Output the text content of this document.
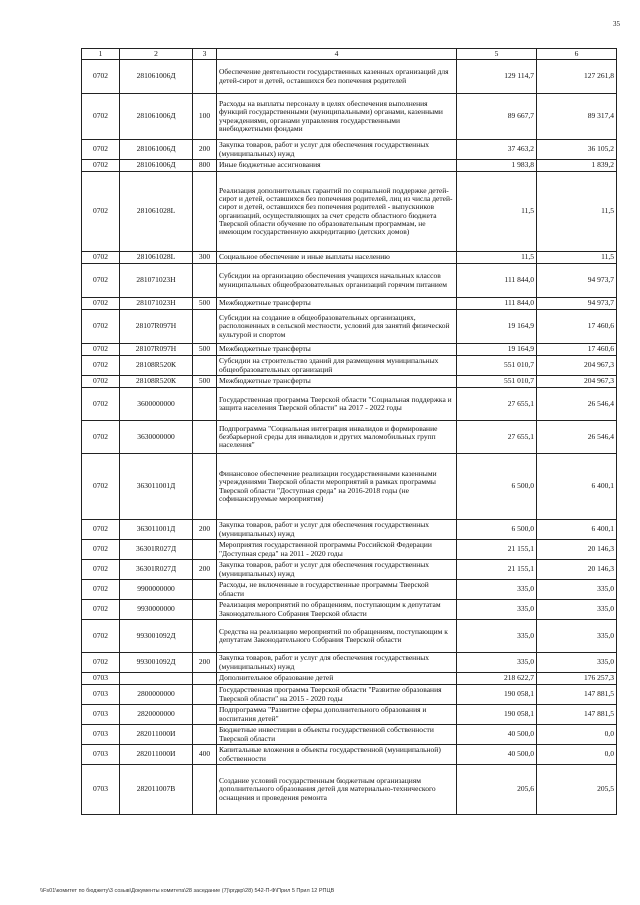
35
1	2	3	4	5	6
0702	281061006Д		Обеспечение деятельности государственных казенных организаций для детей-сирот и детей, оставшихся без попечения родителей	129 114,7	127 261,8
0702	281061006Д	100	Расходы на выплаты персоналу в целях обеспечения выполнения функций государственными (муниципальными) органами, казенными учреждениями, органами управления государственными внебюджетными фондами	89 667,7	89 317,4
0702	281061006Д	200	Закупка товаров, работ и услуг для обеспечения государственных (муниципальных) нужд	37 463,2	36 105,2
0702	281061006Д	800	Иные бюджетные ассигнования	1 983,8	1 839,2
0702	281061028L		Реализация дополнительных гарантий по социальной поддержке детей-сирот и детей, оставшихся без попечения родителей, лиц из числа детей-сирот и детей, оставшихся без попечения родителей - выпускников организаций, осуществляющих за счет средств областного бюджета Тверской области обучение по образовательным программам, не имеющим государственную аккредитацию (детских домов)	11,5	11,5
0702	281061028L	300	Социальное обеспечение и иные выплаты населению	11,5	11,5
0702	281071023Н		Субсидии на организацию обеспечения учащихся начальных классов муниципальных общеобразовательных организаций горячим питанием	111 844,0	94 973,7
0702	281071023Н	500	Межбюджетные трансферты	111 844,0	94 973,7
0702	28107R097Н		Субсидии на создание в общеобразовательных организациях, расположенных в сельской местности, условий для занятий физической культурой и спортом	19 164,9	17 460,6
0702	28107R097Н	500	Межбюджетные трансферты	19 164,9	17 460,6
0702	28108R520К		Субсидии на строительство зданий для размещения муниципальных общеобразовательных организаций	551 010,7	204 967,3
0702	28108R520К	500	Межбюджетные трансферты	551 010,7	204 967,3
0702	3600000000		Государственная программа Тверской области "Социальная поддержка и защита населения Тверской области" на 2017 - 2022 годы	27 655,1	26 546,4
0702	3630000000		Подпрограмма "Социальная интеграция инвалидов и формирование безбарьерной среды для инвалидов и других маломобильных групп населения"	27 655,1	26 546,4
0702	363011001Д		Финансовое обеспечение реализации государственными казенными учреждениями Тверской области мероприятий в рамках программы Тверской области "Доступная среда" на 2016-2018 годы (не софинансируемые мероприятия)	6 500,0	6 400,1
0702	363011001Д	200	Закупка товаров, работ и услуг для обеспечения государственных (муниципальных) нужд	6 500,0	6 400,1
0702	36301R027Д		Мероприятия государственной программы Российской Федерации "Доступная среда" на 2011 - 2020 годы	21 155,1	20 146,3
0702	36301R027Д	200	Закупка товаров, работ и услуг для обеспечения государственных (муниципальных) нужд	21 155,1	20 146,3
0702	9900000000		Расходы, не включенные в государственные программы Тверской области	335,0	335,0
0702	9930000000		Реализация мероприятий по обращениям, поступающим к депутатам Законодательного Собрания Тверской области	335,0	335,0
0702	993001092Д		Средства на реализацию мероприятий по обращениям, поступающим к депутатам Законодательного Собрания Тверской области	335,0	335,0
0702	993001092Д	200	Закупка товаров, работ и услуг для обеспечения государственных (муниципальных) нужд	335,0	335,0
0703			Дополнительное образование детей	218 622,7	176 257,3
0703	2800000000		Государственная программа Тверской области "Развитие образования Тверской области" на 2015 - 2020 годы	190 058,1	147 881,5
0703	2820000000		Подпрограмма "Развитие сферы дополнительного образования и воспитания детей"	190 058,1	147 881,5
0703	282011000И		Бюджетные инвестиции в объекты государственной собственности Тверской области	40 500,0	0,0
0703	282011000И	400	Капитальные вложения в объекты государственной (муниципальной) собственности	40 500,0	0,0
0703	282011007В		Создание условий государственным бюджетным организациям дополнительного образования детей для материально-технического оснащения и проведения ремонта	205,6	205,5
\\Fs01\комитет по бюджету\3 созыв\Документы комитета\28 заседание (7)\ргдкр\28) 542-П-Ф\Прил 5 Прил 12 РПЦВ
